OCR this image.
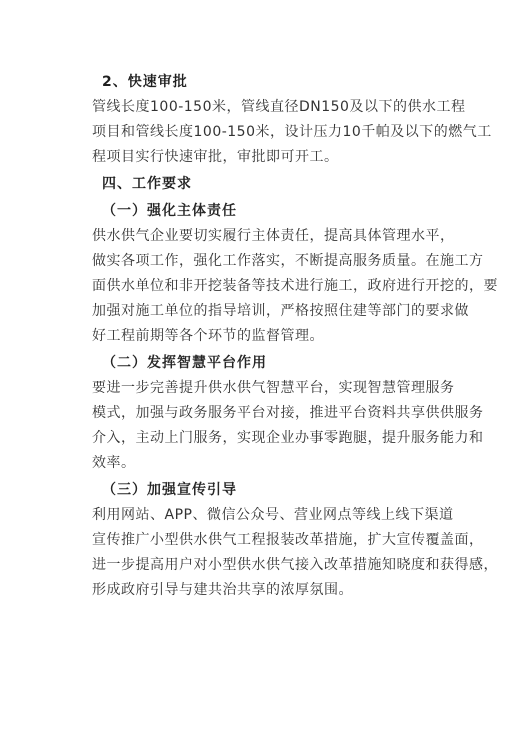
2、快速审批
管线长度100-150米，管线直径DN150及以下的供水工程
项目和管线长度100-150米，设计压力10千帕及以下的燃气工
程项目实行快速审批，审批即可开工。
四、工作要求
（一）强化主体责任
供水供气企业要切实履行主体责任，提高具体管理水平，
做实各项工作，强化工作落实，不断提高服务质量。在施工方
面供水单位和非开挖装备等技术进行施工，政府进行开挖的，要
加强对施工单位的指导培训，严格按照住建等部门的要求做
好工程前期等各个环节的监督管理。
（二）发挥智慧平台作用
要进一步完善提升供水供气智慧平台，实现智慧管理服务
模式，加强与政务服务平台对接，推进平台资料共享供供服务
介入，主动上门服务，实现企业办事零跑腿，提升服务能力和
效率。
（三）加强宣传引导
利用网站、APP、微信公众号、营业网点等线上线下渠道
宣传推广小型供水供气工程报装改革措施，扩大宣传覆盖面，
进一步提高用户对小型供水供气接入改革措施知晓度和获得感，
形成政府引导与建共治共享的浓厚氛围。
